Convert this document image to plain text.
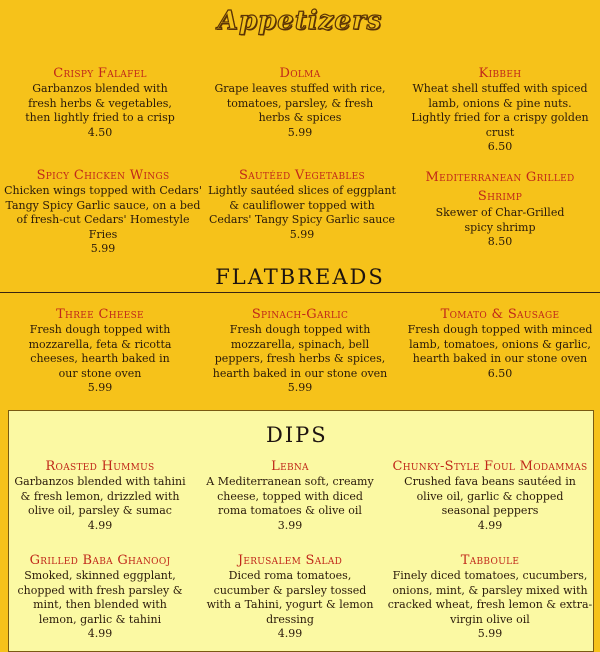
Appetizers
Crispy Falafel
Garbanzos blended with fresh herbs & vegetables, then lightly fried to a crisp
4.50
Dolma
Grape leaves stuffed with rice, tomatoes, parsley, & fresh herbs & spices
5.99
Kibbeh
Wheat shell stuffed with spiced lamb, onions & pine nuts. Lightly fried for a crispy golden crust
6.50
Spicy Chicken Wings
Chicken wings topped with Cedars' Tangy Spicy Garlic sauce, on a bed of fresh-cut Cedars' Homestyle Fries
5.99
Sautéed Vegetables
Lightly sautéed slices of eggplant & cauliflower topped with Cedars' Tangy Spicy Garlic sauce
5.99
Mediterranean Grilled Shrimp
Skewer of Char-Grilled spicy shrimp
8.50
FLATBREADS
Three Cheese
Fresh dough topped with mozzarella, feta & ricotta cheeses, hearth baked in our stone oven
5.99
Spinach-Garlic
Fresh dough topped with mozzarella, spinach, bell peppers, fresh herbs & spices, hearth baked in our stone oven
5.99
Tomato & Sausage
Fresh dough topped with minced lamb, tomatoes, onions & garlic, hearth baked in our stone oven
6.50
DIPS
Roasted Hummus
Garbanzos blended with tahini & fresh lemon, drizzled with olive oil, parsley & sumac
4.99
Lebna
A Mediterranean soft, creamy cheese, topped with diced roma tomatoes & olive oil
3.99
Chunky-Style Foul Modammas
Crushed fava beans sautéed in olive oil, garlic & chopped seasonal peppers
4.99
Grilled Baba Ghanooj
Smoked, skinned eggplant, chopped with fresh parsley & mint, then blended with lemon, garlic & tahini
4.99
Jerusalem Salad
Diced roma tomatoes, cucumber & parsley tossed with a Tahini, yogurt & lemon dressing
4.99
Tabboule
Finely diced tomatoes, cucumbers, onions, mint, & parsley mixed with cracked wheat, fresh lemon & extra-virgin olive oil
5.99
